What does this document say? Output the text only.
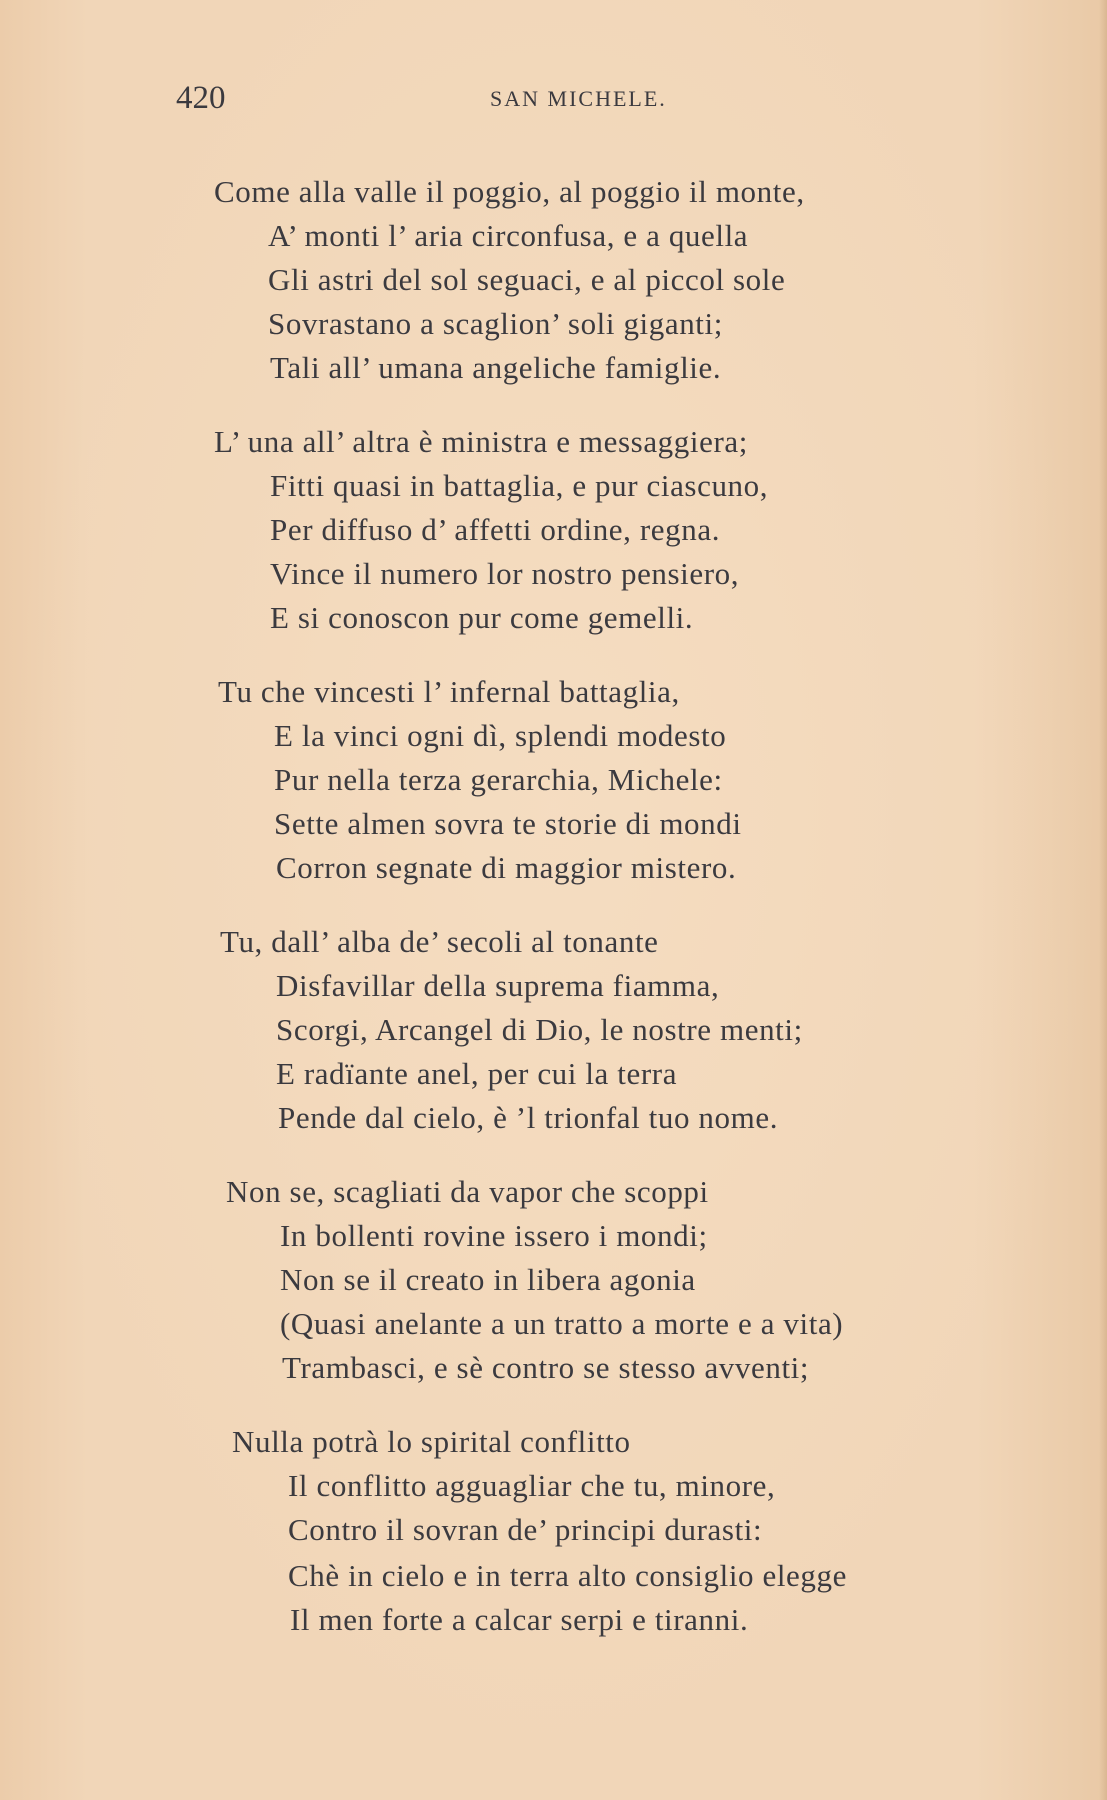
420	SAN MICHELE.
Come alla valle il poggio, al poggio il monte,
A’ monti l’ aria circonfusa, e a quella
Gli astri del sol seguaci, e al piccol sole
Sovrastano a scaglion’ soli giganti;
Tali all’ umana angeliche famiglie.
L’ una all’ altra è ministra e messaggiera;
Fitti quasi in battaglia, e pur ciascuno,
Per diffuso d’ affetti ordine, regna.
Vince il numero lor nostro pensiero,
E si conoscon pur come gemelli.
Tu che vincesti l’ infernal battaglia,
E la vinci ogni dì, splendi modesto
Pur nella terza gerarchia, Michele:
Sette almen sovra te storie di mondi
Corron segnate di maggior mistero.
Tu, dall’ alba de’ secoli al tonante
Disfavillar della suprema fiamma,
Scorgi, Arcangel di Dio, le nostre menti;
E radïante anel, per cui la terra
Pende dal cielo, è ’l trionfal tuo nome.
Non se, scagliati da vapor che scoppi
In bollenti rovine issero i mondi;
Non se il creato in libera agonia
(Quasi anelante a un tratto a morte e a vita)
Trambasci, e sè contro se stesso avventi;
Nulla potrà lo spirital conflitto
Il conflitto agguagliar che tu, minore,
Contro il sovran de’ principi durasti:
Chè in cielo e in terra alto consiglio elegge
Il men forte a calcar serpi e tiranni.
